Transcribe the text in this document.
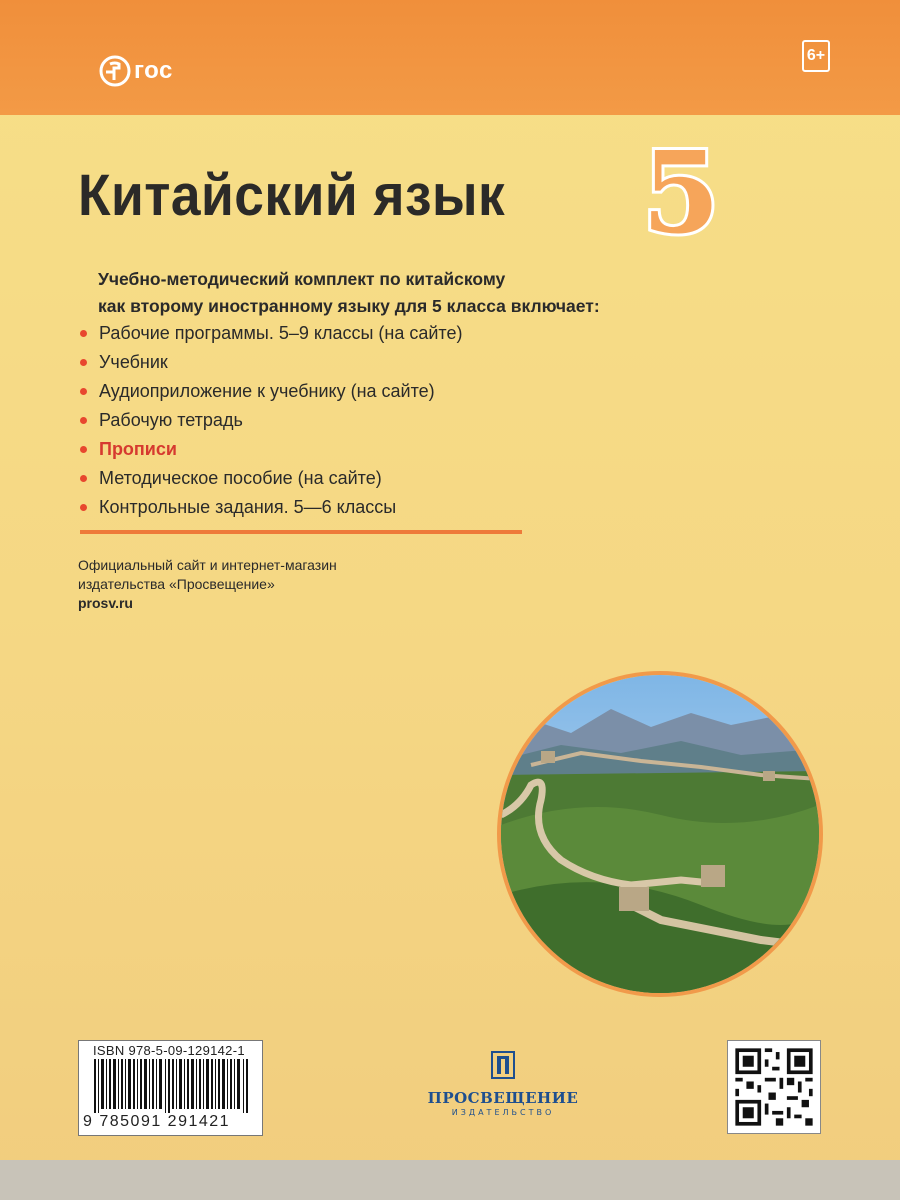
гос
6+
Китайский язык 5
Учебно-методический комплект по китайскому
как второму иностранному языку для 5 класса включает:
Рабочие программы. 5–9 классы (на сайте)
Учебник
Аудиоприложение к учебнику (на сайте)
Рабочую тетрадь
Прописи
Методическое пособие (на сайте)
Контрольные задания. 5—6 классы
Официальный сайт и интернет-магазин
издательства «Просвещение»
prosv.ru
ISBN 978-5-09-129142-1
9 785091 291421
ПРОСВЕЩЕНИЕ
ИЗДАТЕЛЬСТВО
